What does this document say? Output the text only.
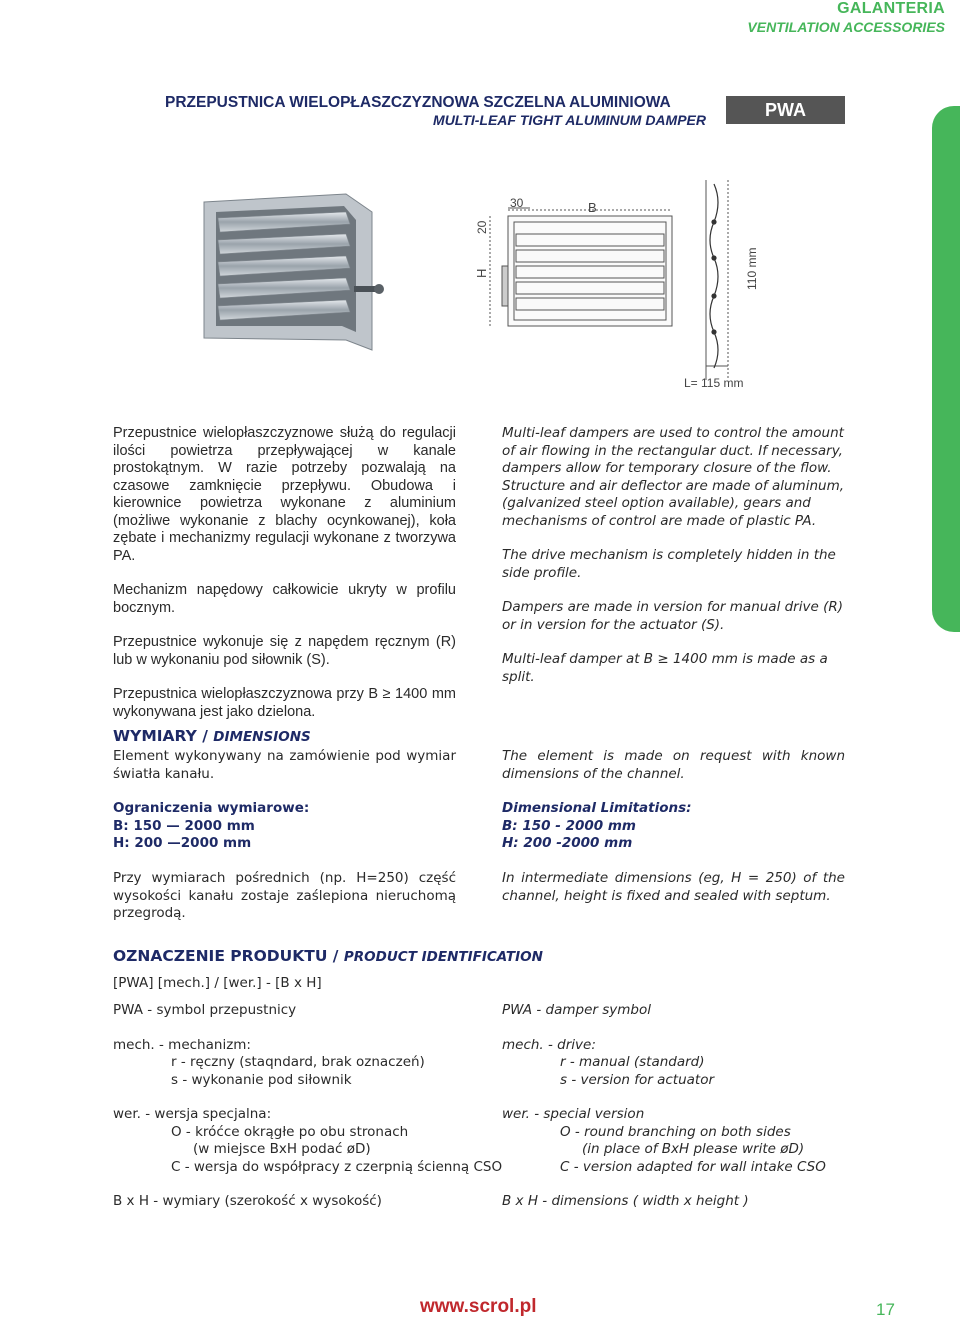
GALANTERIA
VENTILATION ACCESSORIES
PRZEPUSTNICA WIELOPŁASZCZYZNOWA SZCZELNA ALUMINIOWA
MULTI-LEAF TIGHT ALUMINUM DAMPER	PWA
30	B
20
H	110 mm
L= 115 mm

Przepustnice wielopłaszczyznowe służą do regulacji ilości powietrza przepływającej w kanale prostokątnym. W razie potrzeby pozwalają na czasowe zamknięcie przepływu. Obudowa i kierownice powietrza wykonane z aluminium (możliwe wykonanie z blachy ocynkowanej), koła zębate i mechanizmy regulacji wykonane z tworzywa PA.

Mechanizm napędowy całkowicie ukryty w profilu bocznym.

Przepustnice wykonuje się z napędem ręcznym (R) lub w wykonaniu pod siłownik (S).

Przepustnica wielopłaszczyznowa przy B ≥ 1400 mm wykonywana jest jako dzielona.

Multi-leaf dampers are used to control the amount of air flowing in the rectangular duct. If necessary, dampers allow for temporary closure of the flow. Structure and air deflector are made of aluminum, (galvanized steel option available), gears and mechanisms of control are made of plastic PA.

The drive mechanism is completely hidden in the side profile.

Dampers are made in version for manual drive (R) or in version for the actuator (S).

Multi-leaf damper at B ≥ 1400 mm is made as a split.

WYMIARY / DIMENSIONS
Element wykonywany na zamówienie pod wymiar światła kanału.
The element is made on request with known dimensions of the channel.

Ograniczenia wymiarowe:

B: 150 — 2000 mm

H: 200 —2000 mm

Dimensional Limitations:

B: 150 - 2000 mm

H: 200 -2000 mm

Przy wymiarach pośrednich (np. H=250) część wysokości kanału zostaje zaślepiona nieruchomą przegrodą.
In intermediate dimensions (eg, H = 250) of the channel, height is fixed and sealed with septum.
OZNACZENIE PRODUKTU / PRODUCT IDENTIFICATION
[PWA] [mech.] / [wer.] - [B x H]

PWA - symbol przepustnicy

mech. - mechanizm:

r - ręczny (staqndard, brak oznaczeń)

s - wykonanie pod siłownik

wer. - wersja specjalna:

O - króćce okrągłe po obu stronach

(w miejsce BxH podać øD)

C - wersja do współpracy z czerpnią ścienną CSO

B x H - wymiary (szerokość x wysokość)

PWA - damper symbol

mech. - drive:

r - manual (standard)

s - version for actuator

wer. - special version

O - round branching on both sides

(in place of BxH please write øD)

C - version adapted for wall intake CSO

B x H - dimensions ( width x height )

www.scrol.pl	17
